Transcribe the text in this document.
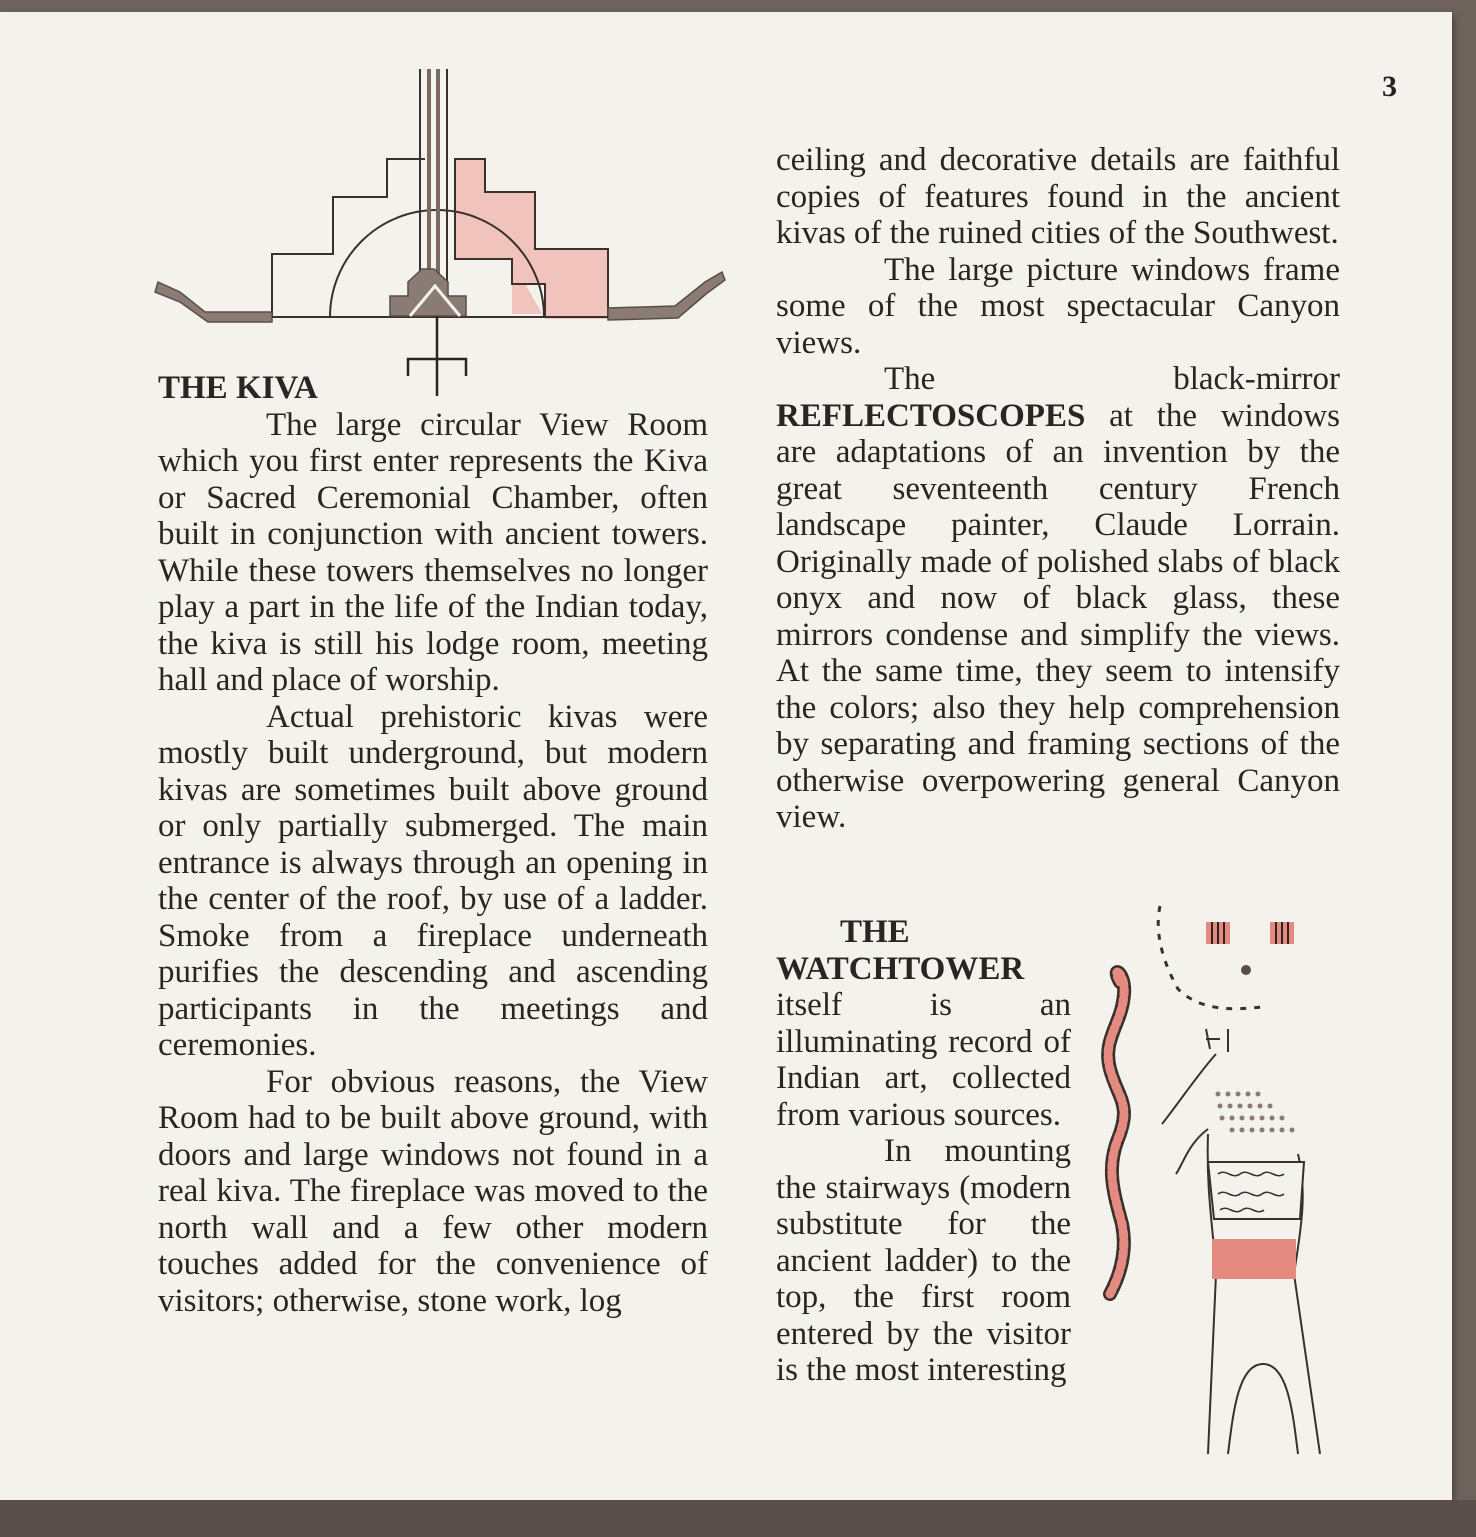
3
THE KIVA

The large circular View Room which you first enter represents the Kiva or Sacred Ceremonial Chamber, often built in conjunction with ancient towers. While these towers themselves no longer play a part in the life of the Indian today, the kiva is still his lodge room, meeting hall and place of worship.

Actual prehistoric kivas were mostly built underground, but modern kivas are sometimes built above ground or only partially submerged. The main entrance is always through an opening in the center of the roof, by use of a ladder. Smoke from a fireplace underneath purifies the descending and ascending participants in the meetings and ceremonies.

For obvious reasons, the View Room had to be built above ground, with doors and large windows not found in a real kiva. The fireplace was moved to the north wall and a few other modern touches added for the convenience of visitors; otherwise, stone work, log

ceiling and decorative details are faithful copies of features found in the ancient kivas of the ruined cities of the Southwest.

The large picture windows frame some of the most spectacular Canyon views.

The black-mirror REFLECTOSCOPES at the windows are adaptations of an invention by the great seventeenth century French landscape painter, Claude Lorrain. Originally made of polished slabs of black onyx and now of black glass, these mirrors condense and simplify the views. At the same time, they seem to intensify the colors; also they help comprehension by separating and framing sections of the otherwise overpowering general Canyon view.

THE WATCHTOWER itself is an illuminating record of Indian art, collected from various sources.

In mounting the stairways (modern substitute for the ancient ladder) to the top, the first room entered by the visitor is the most interesting
